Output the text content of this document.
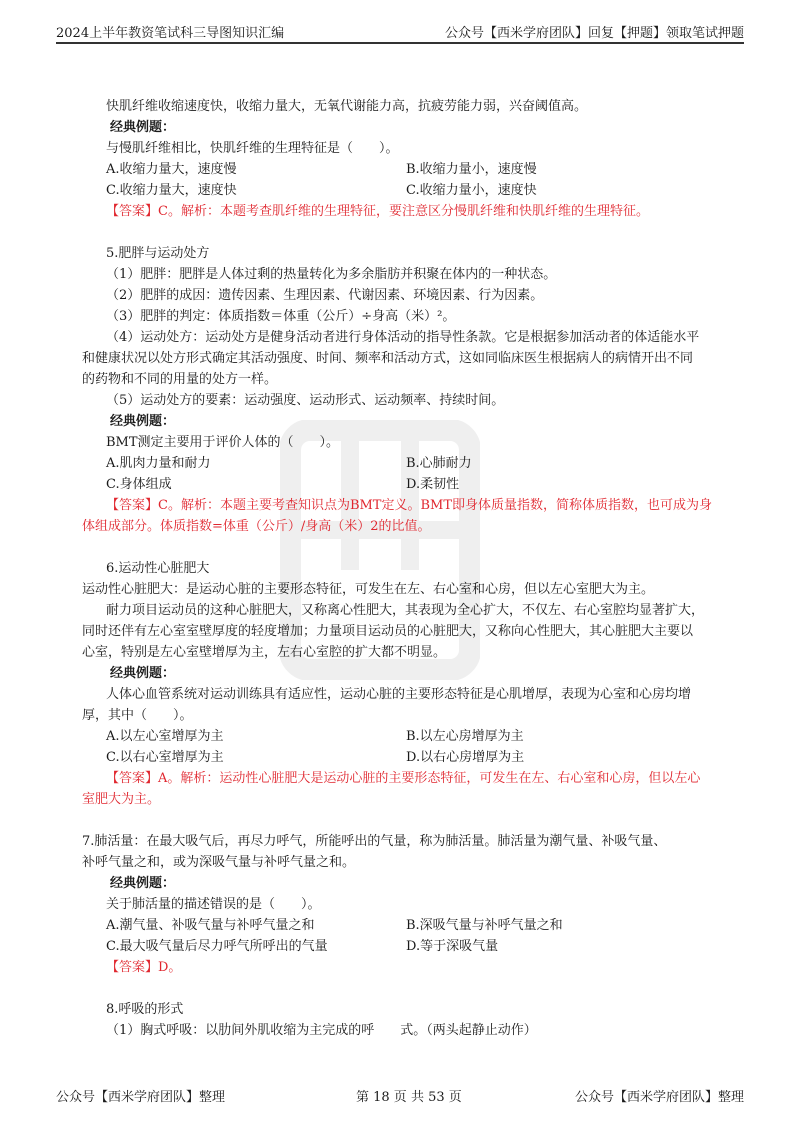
2024上半年教资笔试科三导图知识汇编	公众号【西米学府团队】回复【押题】领取笔试押题
快肌纤维收缩速度快，收缩力量大，无氧代谢能力高，抗疲劳能力弱，兴奋阈值高。
经典例题：
与慢肌纤维相比，快肌纤维的生理特征是（　　）。
A.收缩力量大，速度慢	B.收缩力量小，速度慢
C.收缩力量大，速度快	C.收缩力量小，速度快
【答案】C。解析：本题考查肌纤维的生理特征，要注意区分慢肌纤维和快肌纤维的生理特征。
5.肥胖与运动处方
（1）肥胖：肥胖是人体过剩的热量转化为多余脂肪并积聚在体内的一种状态。
（2）肥胖的成因：遗传因素、生理因素、代谢因素、环境因素、行为因素。
（3）肥胖的判定：体质指数＝体重（公斤）÷身高（米）²。
（4）运动处方：运动处方是健身活动者进行身体活动的指导性条款。它是根据参加活动者的体适能水平
和健康状况以处方形式确定其活动强度、时间、频率和活动方式，这如同临床医生根据病人的病情开出不同
的药物和不同的用量的处方一样。
（5）运动处方的要素：运动强度、运动形式、运动频率、持续时间。
经典例题：
BMT测定主要用于评价人体的（　　）。
A.肌肉力量和耐力	B.心肺耐力
C.身体组成	D.柔韧性
【答案】C。解析：本题主要考查知识点为BMT定义。BMT即身体质量指数，简称体质指数，也可成为身
体组成部分。体质指数=体重（公斤）/身高（米）2的比值。
6.运动性心脏肥大
运动性心脏肥大：是运动心脏的主要形态特征，可发生在左、右心室和心房，但以左心室肥大为主。
耐力项目运动员的这种心脏肥大，又称离心性肥大，其表现为全心扩大，不仅左、右心室腔均显著扩大，
同时还伴有左心室室壁厚度的轻度增加；力量项目运动员的心脏肥大，又称向心性肥大，其心脏肥大主要以
心室，特别是左心室壁增厚为主，左右心室腔的扩大都不明显。
经典例题：
人体心血管系统对运动训练具有适应性，运动心脏的主要形态特征是心肌增厚，表现为心室和心房均增
厚，其中（　　）。
A.以左心室增厚为主	B.以左心房增厚为主
C.以右心室增厚为主	D.以右心房增厚为主
【答案】A。解析：运动性心脏肥大是运动心脏的主要形态特征，可发生在左、右心室和心房，但以左心
室肥大为主。
7.肺活量：在最大吸气后，再尽力呼气，所能呼出的气量，称为肺活量。肺活量为潮气量、补吸气量、
补呼气量之和，或为深吸气量与补呼气量之和。
经典例题：
关于肺活量的描述错误的是（　　）。
A.潮气量、补吸气量与补呼气量之和	B.深吸气量与补呼气量之和
C.最大吸气量后尽力呼气所呼出的气量	D.等于深吸气量
【答案】D。
8.呼吸的形式
（1）胸式呼吸：以肋间外肌收缩为主完成的呼　　式。（两头起静止动作）
公众号【西米学府团队】整理	第 18 页 共 53 页	公众号【西米学府团队】整理
